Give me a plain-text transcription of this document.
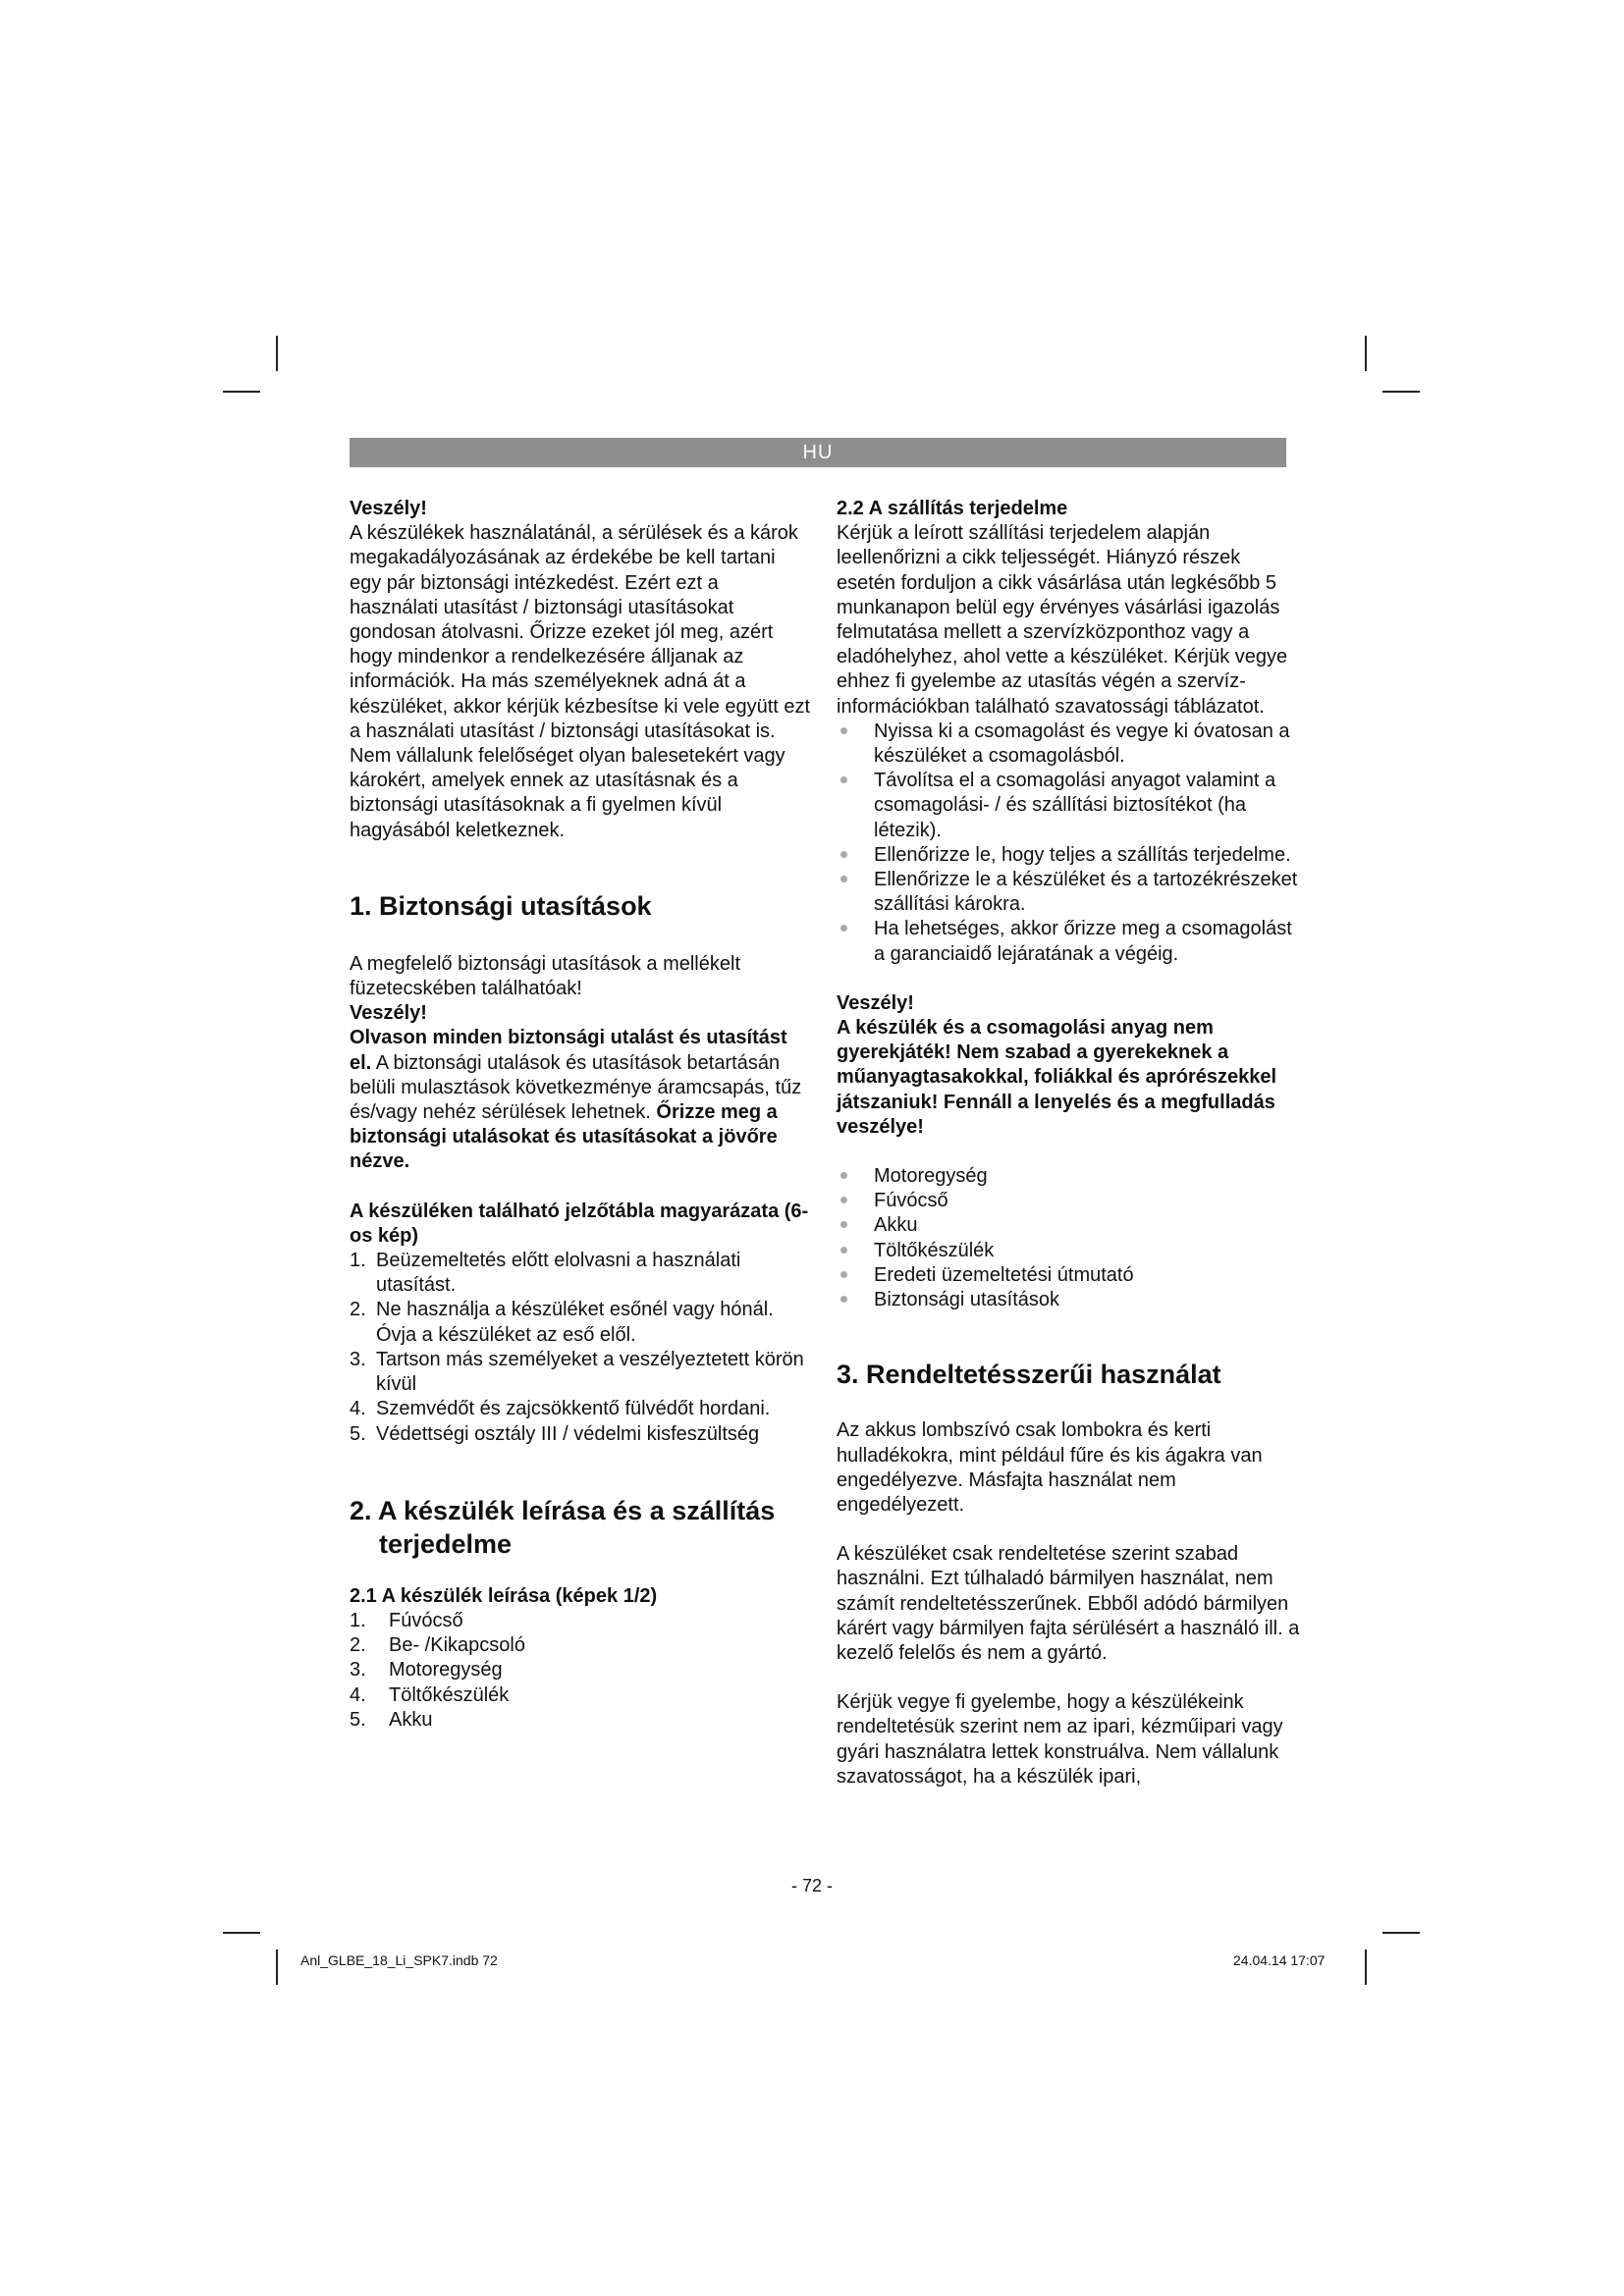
HU

Veszély!

A készülékek használatánál, a sérülések és a károk megakadályozásának az érdekébe be kell tartani egy pár biztonsági intézkedést. Ezért ezt a használati utasítást / biztonsági utasításokat gondosan átolvasni. Őrizze ezeket jól meg, azért hogy mindenkor a rendelkezésére álljanak az információk. Ha más személyeknek adná át a készüléket, akkor kérjük kézbesítse ki vele együtt ezt a használati utasítást / biztonsági utasításokat is. Nem vállalunk felelőséget olyan balesetekért vagy károkért, amelyek ennek az utasításnak és a biztonsági utasításoknak a fi gyelmen kívül hagyásából keletkeznek.

1. Biztonsági utasítások

A megfelelő biztonsági utasítások a mellékelt füzetecskében találhatóak!

Veszély!

Olvason minden biztonsági utalást és utasítást el. A biztonsági utalások és utasítások betartásán belüli mulasztások következménye áramcsapás, tűz és/vagy nehéz sérülések lehetnek. Őrizze meg a biztonsági utalásokat és utasításokat a jövőre nézve.

A készüléken található jelzőtábla magyarázata (6-os kép)

1. Beüzemeltetés előtt elolvasni a használati utasítást.
2. Ne használja a készüléket esőnél vagy hónál. Óvja a készüléket az eső elől.
3. Tartson más személyeket a veszélyeztetett körön kívül
4. Szemvédőt és zajcsökkentő fülvédőt hordani.
5. Védettségi osztály III / védelmi kisfeszültség
2. A készülék leírása és a szállítás terjedelme

2.1 A készülék leírása (képek 1/2)

1. Fúvócső
2. Be- /Kikapcsoló
3. Motoregység
4. Töltőkészülék
5. Akku

2.2 A szállítás terjedelme

Kérjük a leírott szállítási terjedelem alapján leellenőrizni a cikk teljességét. Hiányzó részek esetén forduljon a cikk vásárlása után legkésőbb 5 munkanapon belül egy érvényes vásárlási igazolás felmutatása mellett a szervízközponthoz vagy a eladóhelyhez, ahol vette a készüléket. Kérjük vegye ehhez fi gyelembe az utasítás végén a szervíz-információkban található szavatossági táblázatot.

Nyissa ki a csomagolást és vegye ki óvatosan a készüléket a csomagolásból.
Távolítsa el a csomagolási anyagot valamint a csomagolási- / és szállítási biztosítékot (ha létezik).
Ellenőrizze le, hogy teljes a szállítás terjedelme.
Ellenőrizze le a készüléket és a tartozékrészeket szállítási károkra.
Ha lehetséges, akkor őrizze meg a csomagolást a garanciaidő lejáratának a végéig.

Veszély!

A készülék és a csomagolási anyag nem gyerekjáték! Nem szabad a gyerekeknek a műanyagtasakokkal, foliákkal és aprórészekkel játszaniuk! Fennáll a lenyelés és a megfulladás veszélye!

Motoregység
Fúvócső
Akku
Töltőkészülék
Eredeti üzemeltetési útmutató
Biztonsági utasítások
3. Rendeltetésszerűi használat

Az akkus lombszívó csak lombokra és kerti hulladékokra, mint például fűre és kis ágakra van engedélyezve. Másfajta használat nem engedélyezett.

A készüléket csak rendeltetése szerint szabad használni. Ezt túlhaladó bármilyen használat, nem számít rendeltetésszerűnek. Ebből adódó bármilyen kárért vagy bármilyen fajta sérülésért a használó ill. a kezelő felelős és nem a gyártó.

Kérjük vegye fi gyelembe, hogy a készülékeink rendeltetésük szerint nem az ipari, kézműipari vagy gyári használatra lettek konstruálva. Nem vállalunk szavatosságot, ha a készülék ipari,

- 72 -
Anl_GLBE_18_Li_SPK7.indb 72	24.04.14 17:07
